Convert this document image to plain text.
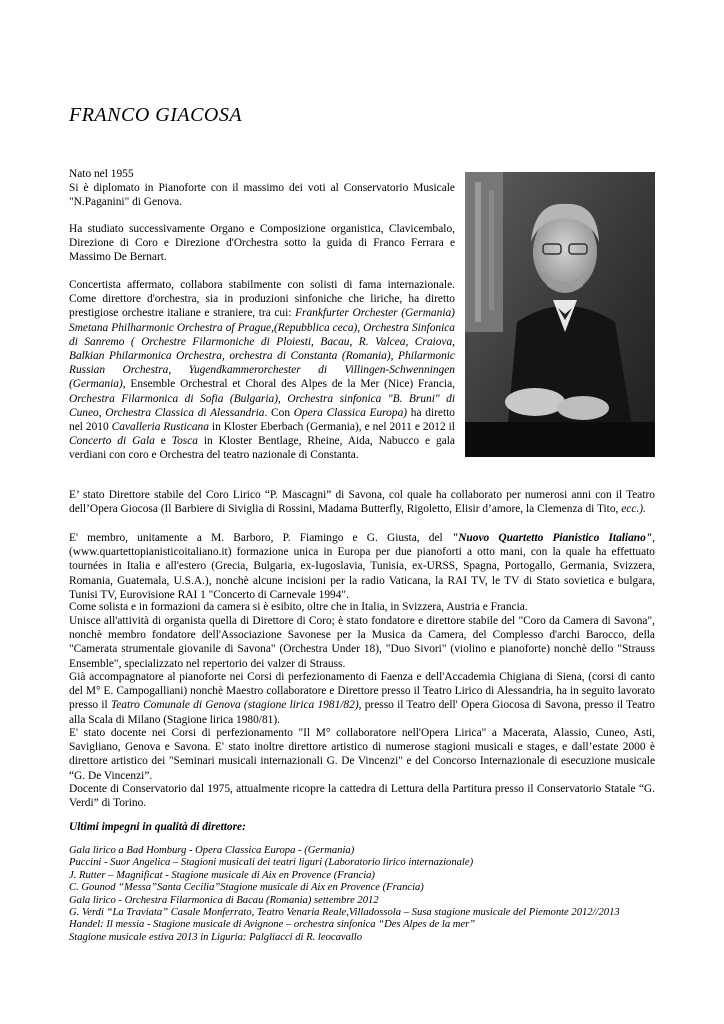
FRANCO GIACOSA

Nato nel 1955

Si è diplomato in Pianoforte con il massimo dei voti al Conservatorio Musicale "N.Paganini" di Genova.

Ha studiato successivamente Organo e Composizione organistica, Clavicembalo, Direzione di Coro e Direzione d'Orchestra sotto la guida di Franco Ferrara e Massimo De Bernart.

Concertista affermato, collabora stabilmente con solisti di fama internazionale. Come direttore d'orchestra, sia in produzioni sinfoniche che liriche, ha diretto prestigiose orchestre italiane e straniere, tra cui: Frankfurter Orchester (Germania) Smetana Philharmonic Orchestra of Prague,(Repubblica ceca), Orchestra Sinfonica di Sanremo ( Orchestre Filarmoniche di Ploiesti, Bacau, R. Valcea, Craiova, Balkian Philarmonica Orchestra, orchestra di Constanta (Romania), Philarmonic Russian Orchestra, Yugendkammerorchester di Villingen-Schwenningen (Germania), Ensemble Orchestral et Choral des Alpes de la Mer (Nice) Francia, Orchestra Filarmonica di Sofia (Bulgaria), Orchestra sinfonica "B. Bruni" di Cuneo, Orchestra Classica di Alessandria. Con Opera Classica Europa) ha diretto nel 2010 Cavalleria Rusticana in Kloster Eberbach (Germania), e nel 2011 e 2012 il Concerto di Gala e Tosca in Kloster Bentlage, Rheine, Aida, Nabucco e gala verdiani con coro e Orchestra del teatro nazionale di Constanta.
E’ stato Direttore stabile del Coro Lirico “P. Mascagni” di Savona, col quale ha collaborato per numerosi anni con il Teatro dell’Opera Giocosa (Il Barbiere di Siviglia di Rossini, Madama Butterfly, Rigoletto, Elisir d’amore, la Clemenza di Tito, ecc.).
E' membro, unitamente a M. Barboro, P. Fiamingo e G. Giusta, del "Nuovo Quartetto Pianistico Italiano", (www.quartettopianisticoitaliano.it) formazione unica in Europa per due pianoforti a otto mani, con la quale ha effettuato tournées in Italia e all'estero (Grecia, Bulgaria, ex-Iugoslavia, Tunisia, ex-URSS, Spagna, Portogallo, Germania, Svizzera, Romania, Guatemala, U.S.A.), nonchè alcune incisioni per la radio Vaticana, la RAI TV, le TV di Stato sovietica e bulgara, Tunisi TV, Eurovisione RAI 1 "Concerto di Carnevale 1994".

Come solista e in formazioni da camera si è esibito, oltre che in Italia, in Svizzera, Austria e Francia.

Unisce all'attività di organista quella di Direttore di Coro; è stato fondatore e direttore stabile del "Coro da Camera di Savona", nonchè membro fondatore dell'Associazione Savonese per la Musica da Camera, del Complesso d'archi Barocco, della "Camerata strumentale giovanile di Savona" (Orchestra Under 18), "Duo Sivori" (violino e pianoforte) nonchè dello "Strauss Ensemble", specializzato nel repertorio dei valzer di Strauss.

Già accompagnatore al pianoforte nei Corsi di perfezionamento di Faenza e dell'Accademia Chigiana di Siena, (corsi di canto del M° E. Campogalliani) nonchè Maestro collaboratore e Direttore presso il Teatro Lirico di Alessandria, ha in seguito lavorato presso il Teatro Comunale di Genova (stagione lirica 1981/82), presso il Teatro dell' Opera Giocosa di Savona, presso il Teatro alla Scala di Milano (Stagione lirica 1980/81).

E' stato docente nei Corsi di perfezionamento "Il M° collaboratore nell'Opera Lirica" a Macerata, Alassio, Cuneo, Asti, Savigliano, Genova e Savona. E' stato inoltre direttore artistico di numerose stagioni musicali e stages, e dall’estate 2000 è direttore artistico dei "Seminari musicali internazionali G. De Vincenzi" e del Concorso Internazionale di esecuzione musicale “G. De Vincenzi”.

Docente di Conservatorio dal 1975, attualmente ricopre la cattedra di Lettura della Partitura presso il Conservatorio Statale “G. Verdi” di Torino.

Ultimi impegni in qualità di direttore:

Gala lirico a Bad Homburg - Opera Classica Europa - (Germania)
Puccini - Suor Angelica – Stagioni musicali dei teatri liguri (Laboratorio lirico internazionale)
J. Rutter – Magnificat - Stagione musicale di Aix en Provence (Francia)
C. Gounod “Messa”Santa Cecilia”Stagione musicale di Aix en Provence (Francia)
Gala lirico - Orchestra Filarmonica di Bacau (Romania) settembre 2012
G. Verdi “La Traviata” Casale Monferrato, Teatro Venaria Reale,Villadossola – Susa stagione musicale del Piemonte 2012//2013
Handel: Il messia - Stagione musicale di Avignone – orchestra sinfonica “Des Alpes de la mer”
Stagione musicale estiva 2013 in Liguria: Palgliacci di R. leocavallo
